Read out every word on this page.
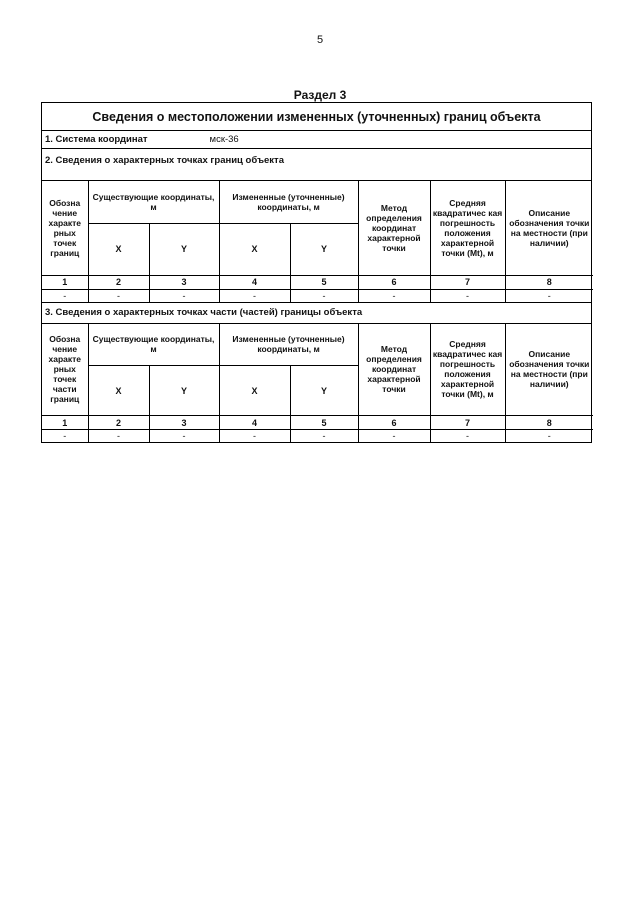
5
Раздел 3
Сведения о местоположении измененных (уточненных) границ объекта
1. Система координат	мск-36
2. Сведения о характерных точках границ объекта
Обозна чение характе рных точек границ	Существующие координаты, м		Измененные (уточненные) координаты, м		Метод определения координат характерной точки	Средняя квадратичес кая погрешность положения характерной точки (Mt), м	Описание обозначения точки на местности (при наличии)
	X	Y	X	Y			
1	2	3	4	5	6	7	8
-	-	-	-	-	-	-	-
3. Сведения о характерных точках части (частей) границы объекта
Обозна чение характе рных точек части границ	Существующие координаты, м		Измененные (уточненные) координаты, м		Метод определения координат характерной точки	Средняя квадратичес кая погрешность положения характерной точки (Mt), м	Описание обозначения точки на местности (при наличии)
	X	Y	X	Y			
1	2	3	4	5	6	7	8
-	-	-	-	-	-	-	-
